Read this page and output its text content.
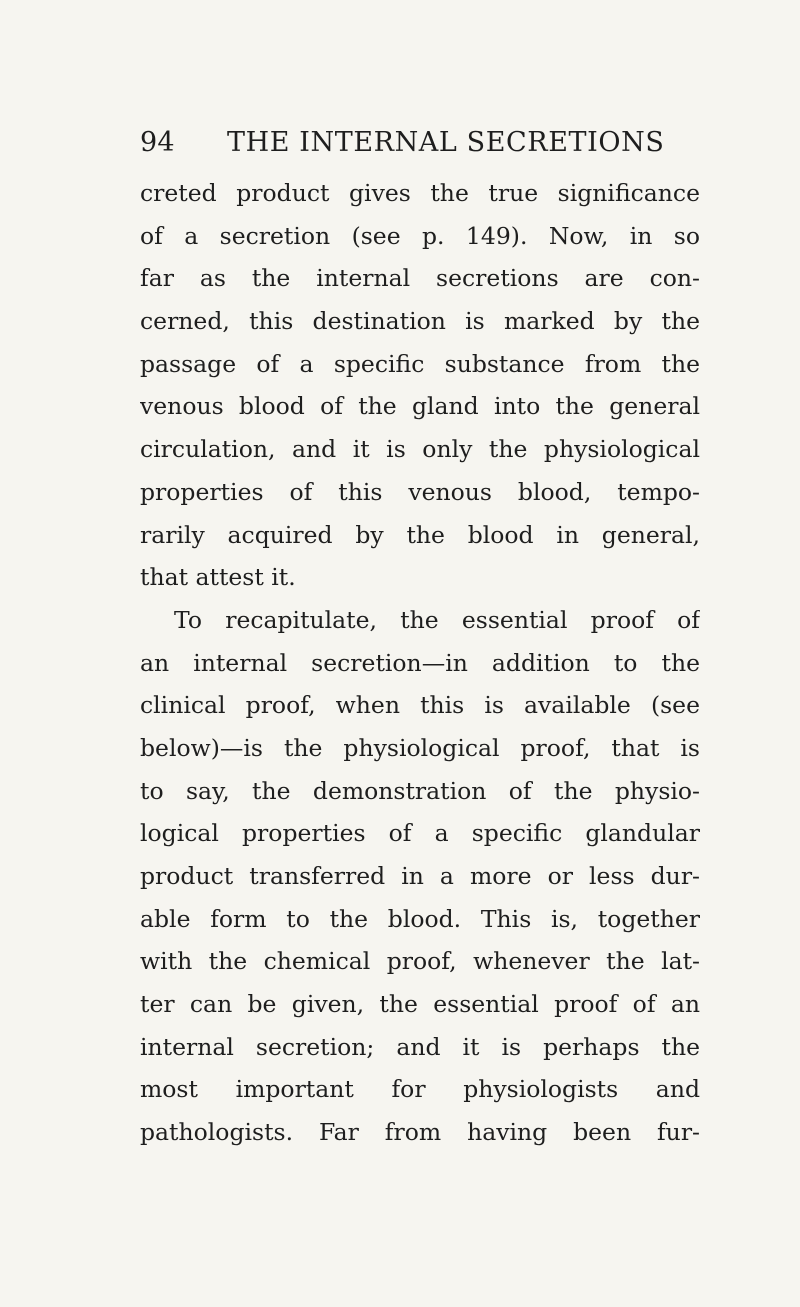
94 THE INTERNAL SECRETIONS
creted product gives the true significance
of a secretion (see p. 149). Now, in so
far as the internal secretions are con-
cerned, this destination is marked by the
passage of a specific substance from the
venous blood of the gland into the general
circulation, and it is only the physiological
properties of this venous blood, tempo-
rarily acquired by the blood in general,
that attest it.
To recapitulate, the essential proof of
an internal secretion—in addition to the
clinical proof, when this is available (see
below)—is the physiological proof, that is
to say, the demonstration of the physio-
logical properties of a specific glandular
product transferred in a more or less dur-
able form to the blood. This is, together
with the chemical proof, whenever the lat-
ter can be given, the essential proof of an
internal secretion; and it is perhaps the
most important for physiologists and
pathologists. Far from having been fur-
